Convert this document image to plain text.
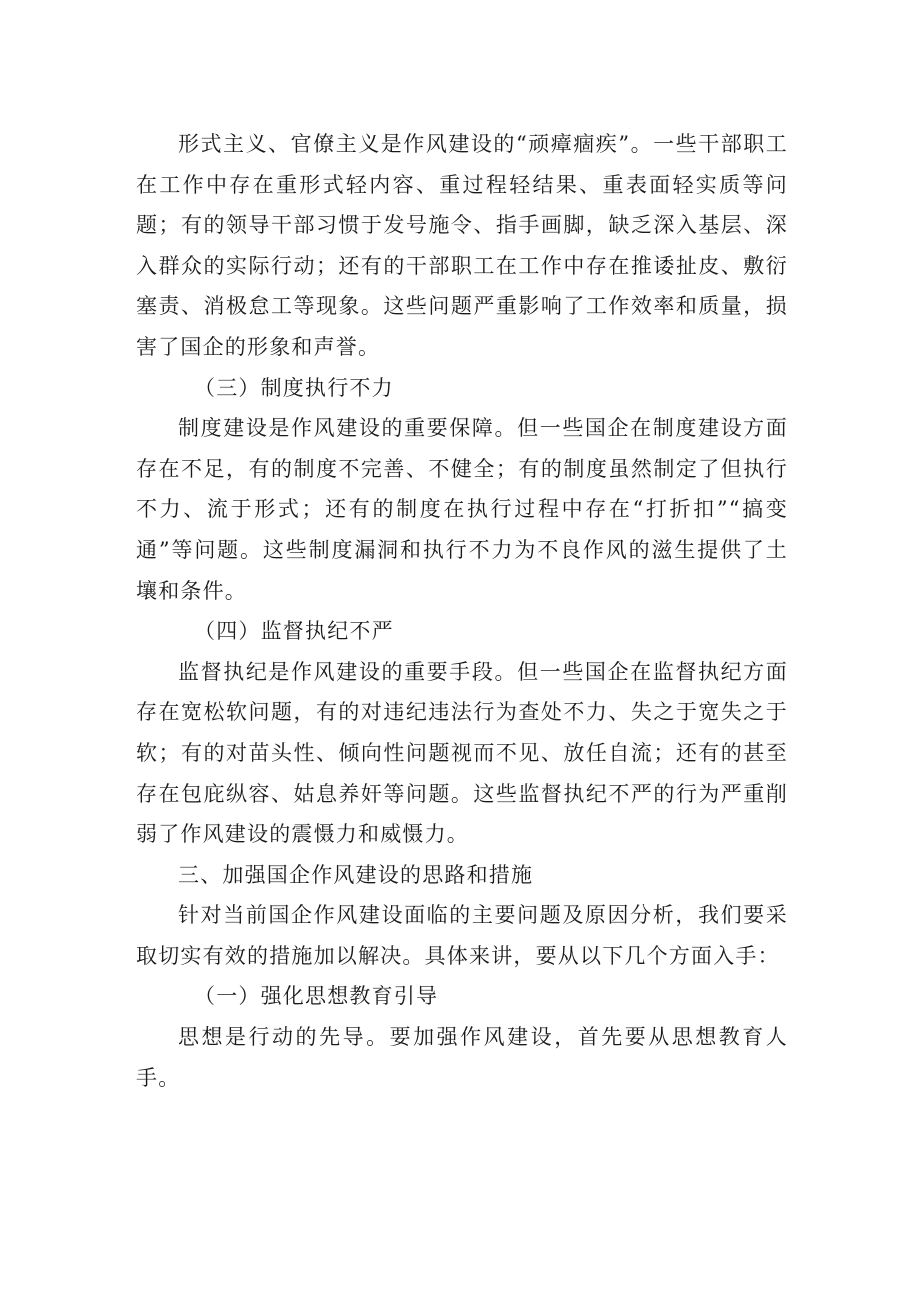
形式主义、官僚主义是作风建设的“顽瘴痼疾”。一些干部职工在工作中存在重形式轻内容、重过程轻结果、重表面轻实质等问题；有的领导干部习惯于发号施令、指手画脚，缺乏深入基层、深入群众的实际行动；还有的干部职工在工作中存在推诿扯皮、敷衍塞责、消极怠工等现象。这些问题严重影响了工作效率和质量，损害了国企的形象和声誉。

（三）制度执行不力

制度建设是作风建设的重要保障。但一些国企在制度建设方面存在不足，有的制度不完善、不健全；有的制度虽然制定了但执行不力、流于形式；还有的制度在执行过程中存在“打折扣”“搞变通”等问题。这些制度漏洞和执行不力为不良作风的滋生提供了土壤和条件。

（四）监督执纪不严

监督执纪是作风建设的重要手段。但一些国企在监督执纪方面存在宽松软问题，有的对违纪违法行为查处不力、失之于宽失之于软；有的对苗头性、倾向性问题视而不见、放任自流；还有的甚至存在包庇纵容、姑息养奸等问题。这些监督执纪不严的行为严重削弱了作风建设的震慑力和威慑力。

三、加强国企作风建设的思路和措施

针对当前国企作风建设面临的主要问题及原因分析，我们要采取切实有效的措施加以解决。具体来讲，要从以下几个方面入手：

（一）强化思想教育引导

思想是行动的先导。要加强作风建设，首先要从思想教育人手。
